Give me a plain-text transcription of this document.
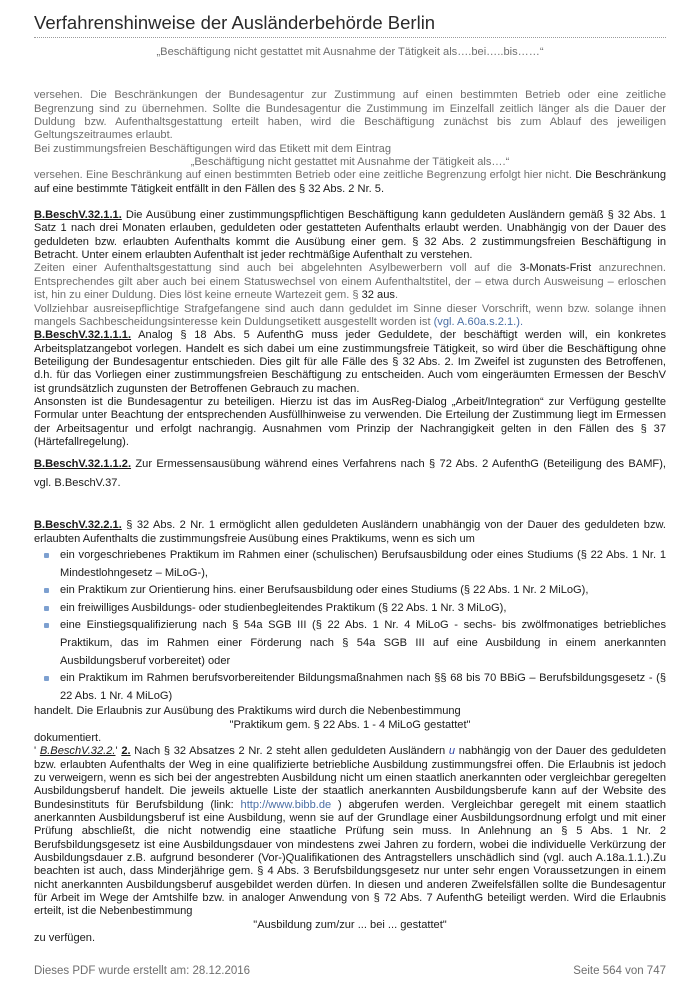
Verfahrenshinweise der Ausländerbehörde Berlin

„Beschäftigung nicht gestattet mit Ausnahme der Tätigkeit als….bei…..bis……“

versehen. Die Beschränkungen der Bundesagentur zur Zustimmung auf einen bestimmten Betrieb oder eine zeitliche Begrenzung sind zu übernehmen. Sollte die Bundesagentur die Zustimmung im Einzelfall zeitlich länger als die Dauer der Duldung bzw. Aufenthaltsgestattung erteilt haben, wird die Beschäftigung zunächst bis zum Ablauf des jeweiligen Geltungszeitraumes erlaubt.

Bei zustimmungsfreien Beschäftigungen wird das Etikett mit dem Eintrag

„Beschäftigung nicht gestattet mit Ausnahme der Tätigkeit als….“

versehen. Eine Beschränkung auf einen bestimmten Betrieb oder eine zeitliche Begrenzung erfolgt hier nicht. Die Beschränkung auf eine bestimmte Tätigkeit entfällt in den Fällen des § 32 Abs. 2 Nr. 5.

B.BeschV.32.1.1. Die Ausübung einer zustimmungspflichtigen Beschäftigung kann geduldeten Ausländern gemäß § 32 Abs. 1 Satz 1 nach drei Monaten erlauben, geduldeten oder gestatteten Aufenthalts erlaubt werden. Unabhängig von der Dauer des geduldeten bzw. erlaubten Aufenthalts kommt die Ausübung einer gem. § 32 Abs. 2 zustimmungsfreien Beschäftigung in Betracht. Unter einem erlaubten Aufenthalt ist jeder rechtmäßige Aufenthalt zu verstehen.

Zeiten einer Aufenthaltsgestattung sind auch bei abgelehnten Asylbewerbern voll auf die 3-Monats-Frist anzurechnen. Entsprechendes gilt aber auch bei einem Statuswechsel von einem Aufenthaltstitel, der – etwa durch Ausweisung – erloschen ist, hin zu einer Duldung. Dies löst keine erneute Wartezeit gem. § 32 aus.

Vollziehbar ausreisepflichtige Strafgefangene sind auch dann geduldet im Sinne dieser Vorschrift, wenn bzw. solange ihnen mangels Sachbescheidungsinteresse kein Duldungsetikett ausgestellt worden ist (vgl. A.60a.s.2.1.).

B.BeschV.32.1.1.1. Analog § 18 Abs. 5 AufenthG muss jeder Geduldete, der beschäftigt werden will, ein konkretes Arbeitsplatzangebot vorlegen. Handelt es sich dabei um eine zustimmungsfreie Tätigkeit, so wird über die Beschäftigung ohne Beteiligung der Bundesagentur entschieden. Dies gilt für alle Fälle des § 32 Abs. 2. Im Zweifel ist zugunsten des Betroffenen, d.h. für das Vorliegen einer zustimmungsfreien Beschäftigung zu entscheiden. Auch vom eingeräumten Ermessen der BeschV ist grundsätzlich zugunsten der Betroffenen Gebrauch zu machen.

Ansonsten ist die Bundesagentur zu beteiligen. Hierzu ist das im AusReg-Dialog „Arbeit/Integration“ zur Verfügung gestellte Formular unter Beachtung der entsprechenden Ausfüllhinweise zu verwenden. Die Erteilung der Zustimmung liegt im Ermessen der Arbeitsagentur und erfolgt nachrangig. Ausnahmen vom Prinzip der Nachrangigkeit gelten in den Fällen des § 37 (Härtefallregelung).

B.BeschV.32.1.1.2. Zur Ermessensausübung während eines Verfahrens nach § 72 Abs. 2 AufenthG (Beteiligung des BAMF), vgl. B.BeschV.37.

B.BeschV.32.2.1. § 32 Abs. 2 Nr. 1 ermöglicht allen geduldeten Ausländern unabhängig von der Dauer des geduldeten bzw. erlaubten Aufenthalts die zustimmungsfreie Ausübung eines Praktikums, wenn es sich um

ein vorgeschriebenes Praktikum im Rahmen einer (schulischen) Berufsausbildung oder eines Studiums (§ 22 Abs. 1 Nr. 1 Mindestlohngesetz – MiLoG-),
ein Praktikum zur Orientierung hins. einer Berufsausbildung oder eines Studiums (§ 22 Abs. 1 Nr. 2 MiLoG),
ein freiwilliges Ausbildungs- oder studienbegleitendes Praktikum (§ 22 Abs. 1 Nr. 3 MiLoG),
eine Einstiegsqualifizierung nach § 54a SGB III (§ 22 Abs. 1 Nr. 4 MiLoG - sechs- bis zwölfmonatiges betriebliches Praktikum, das im Rahmen einer Förderung nach § 54a SGB III auf eine Ausbildung in einem anerkannten Ausbildungsberuf vorbereitet) oder
ein Praktikum im Rahmen berufsvorbereitender Bildungsmaßnahmen nach §§ 68 bis 70 BBiG – Berufsbildungsgesetz - (§ 22 Abs. 1 Nr. 4 MiLoG)

handelt. Die Erlaubnis zur Ausübung des Praktikums wird durch die Nebenbestimmung

"Praktikum gem. § 22 Abs. 1 - 4 MiLoG gestattet"

dokumentiert.

' B.BeschV.32.2.' 2. Nach § 32 Absatzes 2 Nr. 2 steht allen geduldeten Ausländern u nabhängig von der Dauer des geduldeten bzw. erlaubten Aufenthalts der Weg in eine qualifizierte betriebliche Ausbildung zustimmungsfrei offen. Die Erlaubnis ist jedoch zu verweigern, wenn es sich bei der angestrebten Ausbildung nicht um einen staatlich anerkannten oder vergleichbar geregelten Ausbildungsberuf handelt. Die jeweils aktuelle Liste der staatlich anerkannten Ausbildungsberufe kann auf der Website des Bundesinstituts für Berufsbildung (link: http://www.bibb.de ) abgerufen werden. Vergleichbar geregelt mit einem staatlich anerkannten Ausbildungsberuf ist eine Ausbildung, wenn sie auf der Grundlage einer Ausbildungsordnung erfolgt und mit einer Prüfung abschließt, die nicht notwendig eine staatliche Prüfung sein muss. In Anlehnung an § 5 Abs. 1 Nr. 2 Berufsbildungsgesetz ist eine Ausbildungsdauer von mindestens zwei Jahren zu fordern, wobei die individuelle Verkürzung der Ausbildungsdauer z.B. aufgrund besonderer (Vor-)Qualifikationen des Antragstellers unschädlich sind (vgl. auch A.18a.1.1.).Zu beachten ist auch, dass Minderjährige gem. § 4 Abs. 3 Berufsbildungsgesetz nur unter sehr engen Voraussetzungen in einem nicht anerkannten Ausbildungsberuf ausgebildet werden dürfen. In diesen und anderen Zweifelsfällen sollte die Bundesagentur für Arbeit im Wege der Amtshilfe bzw. in analoger Anwendung von § 72 Abs. 7 AufenthG beteiligt werden. Wird die Erlaubnis erteilt, ist die Nebenbestimmung

"Ausbildung zum/zur ... bei ... gestattet"

zu verfügen.

Dieses PDF wurde erstellt am: 28.12.2016	Seite 564 von 747
